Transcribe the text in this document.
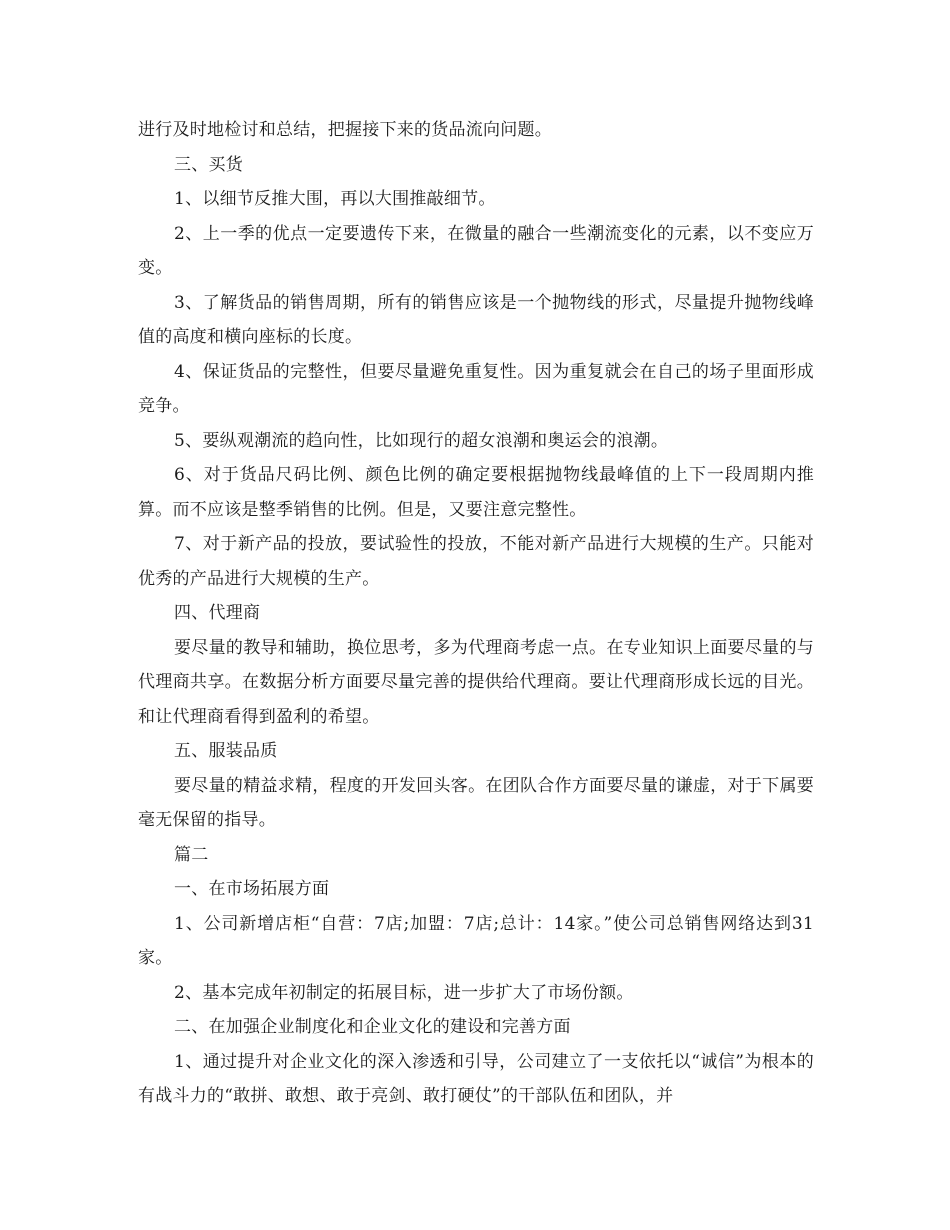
进行及时地检讨和总结，把握接下来的货品流向问题。

三、买货

1、以细节反推大围，再以大围推敲细节。

2、上一季的优点一定要遗传下来，在微量的融合一些潮流变化的元素，以不变应万变。

3、了解货品的销售周期，所有的销售应该是一个抛物线的形式，尽量提升抛物线峰值的高度和横向座标的长度。

4、保证货品的完整性，但要尽量避免重复性。因为重复就会在自己的场子里面形成竞争。

5、要纵观潮流的趋向性，比如现行的超女浪潮和奥运会的浪潮。

6、对于货品尺码比例、颜色比例的确定要根据抛物线最峰值的上下一段周期内推算。而不应该是整季销售的比例。但是，又要注意完整性。

7、对于新产品的投放，要试验性的投放，不能对新产品进行大规模的生产。只能对优秀的产品进行大规模的生产。

四、代理商

要尽量的教导和辅助，换位思考，多为代理商考虑一点。在专业知识上面要尽量的与代理商共享。在数据分析方面要尽量完善的提供给代理商。要让代理商形成长远的目光。和让代理商看得到盈利的希望。

五、服装品质

要尽量的精益求精，程度的开发回头客。在团队合作方面要尽量的谦虚，对于下属要毫无保留的指导。

篇二

一、在市场拓展方面

1、公司新增店柜“自营：7店;加盟：7店;总计：14家。”使公司总销售网络达到31家。

2、基本完成年初制定的拓展目标，进一步扩大了市场份额。

二、在加强企业制度化和企业文化的建设和完善方面

1、通过提升对企业文化的深入渗透和引导，公司建立了一支依托以“诚信”为根本的有战斗力的“敢拼、敢想、敢于亮剑、敢打硬仗”的干部队伍和团队，并
